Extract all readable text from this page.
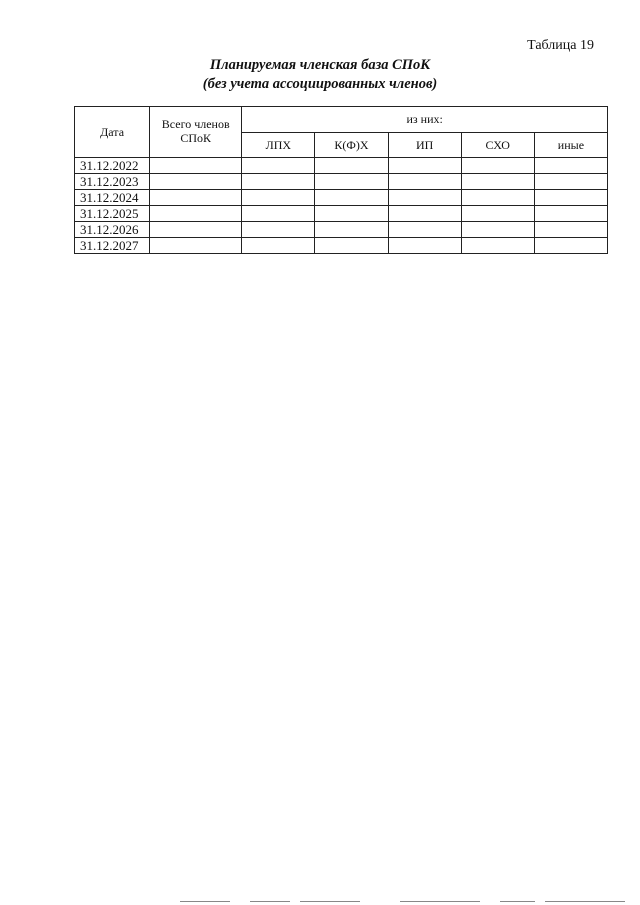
Таблица 19
Планируемая членская база СПоК
(без учета ассоциированных членов)
Дата	Всего членов СПоК	из них:				
		ЛПХ	К(Ф)Х	ИП	СХО	иные
31.12.2022						
31.12.2023						
31.12.2024						
31.12.2025						
31.12.2026						
31.12.2027						
